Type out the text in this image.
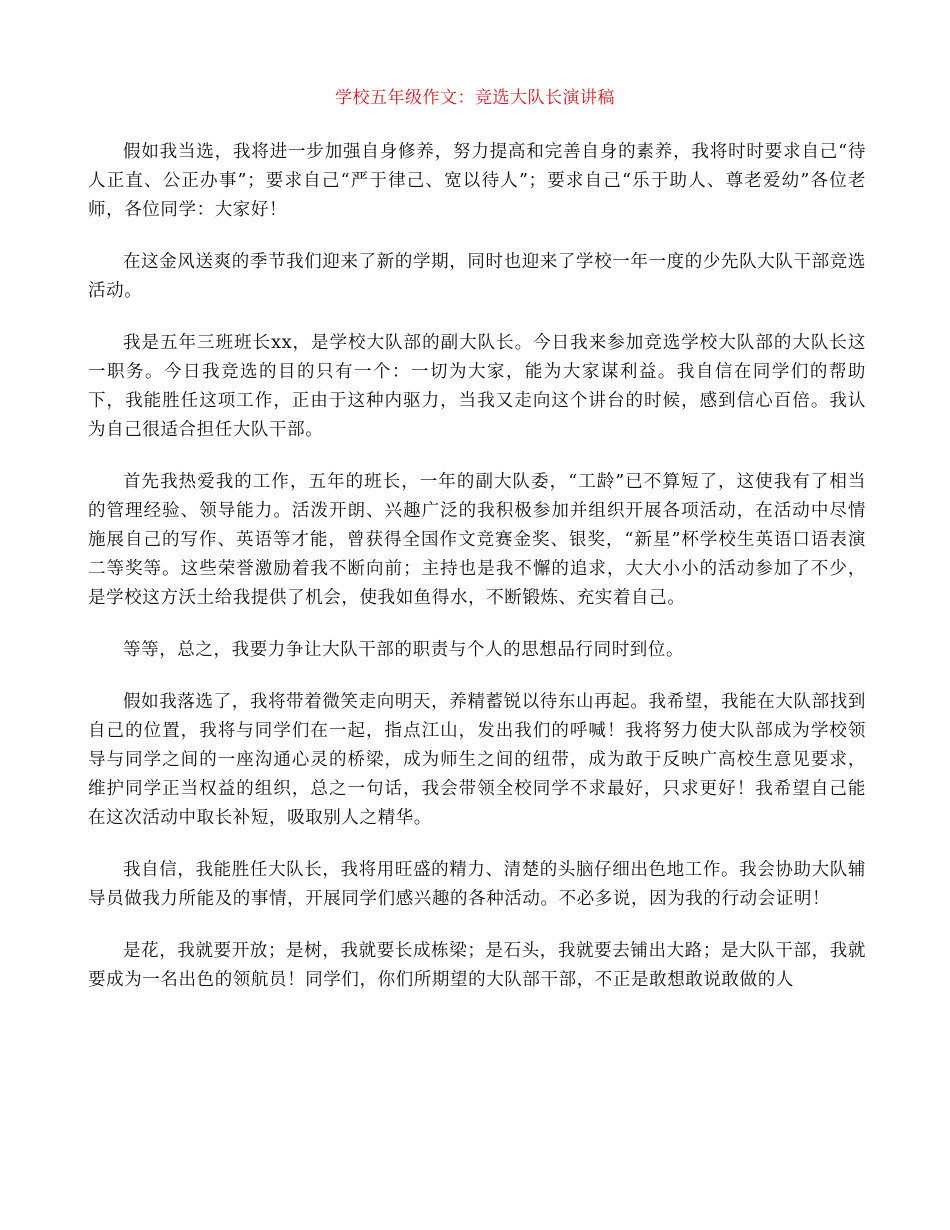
学校五年级作文：竞选大队长演讲稿

假如我当选，我将进一步加强自身修养，努力提高和完善自身的素养，我将时时要求自己“待人正直、公正办事”；要求自己“严于律己、宽以待人”；要求自己“乐于助人、尊老爱幼”各位老师，各位同学：大家好！

在这金风送爽的季节我们迎来了新的学期，同时也迎来了学校一年一度的少先队大队干部竞选活动。

我是五年三班班长xx，是学校大队部的副大队长。今日我来参加竞选学校大队部的大队长这一职务。今日我竞选的目的只有一个：一切为大家，能为大家谋利益。我自信在同学们的帮助下，我能胜任这项工作，正由于这种内驱力，当我又走向这个讲台的时候，感到信心百倍。我认为自己很适合担任大队干部。

首先我热爱我的工作，五年的班长，一年的副大队委，“工龄”已不算短了，这使我有了相当的管理经验、领导能力。活泼开朗、兴趣广泛的我积极参加并组织开展各项活动，在活动中尽情施展自己的写作、英语等才能，曾获得全国作文竞赛金奖、银奖，“新星”杯学校生英语口语表演二等奖等。这些荣誉激励着我不断向前；主持也是我不懈的追求，大大小小的活动参加了不少，是学校这方沃土给我提供了机会，使我如鱼得水，不断锻炼、充实着自己。

等等，总之，我要力争让大队干部的职责与个人的思想品行同时到位。

假如我落选了，我将带着微笑走向明天，养精蓄锐以待东山再起。我希望，我能在大队部找到自己的位置，我将与同学们在一起，指点江山，发出我们的呼喊！我将努力使大队部成为学校领导与同学之间的一座沟通心灵的桥梁，成为师生之间的纽带，成为敢于反映广高校生意见要求，维护同学正当权益的组织，总之一句话，我会带领全校同学不求最好，只求更好！我希望自己能在这次活动中取长补短，吸取别人之精华。

我自信，我能胜任大队长，我将用旺盛的精力、清楚的头脑仔细出色地工作。我会协助大队辅导员做我力所能及的事情，开展同学们感兴趣的各种活动。不必多说，因为我的行动会证明！

是花，我就要开放；是树，我就要长成栋梁；是石头，我就要去铺出大路；是大队干部，我就要成为一名出色的领航员！同学们，你们所期望的大队部干部，不正是敢想敢说敢做的人
